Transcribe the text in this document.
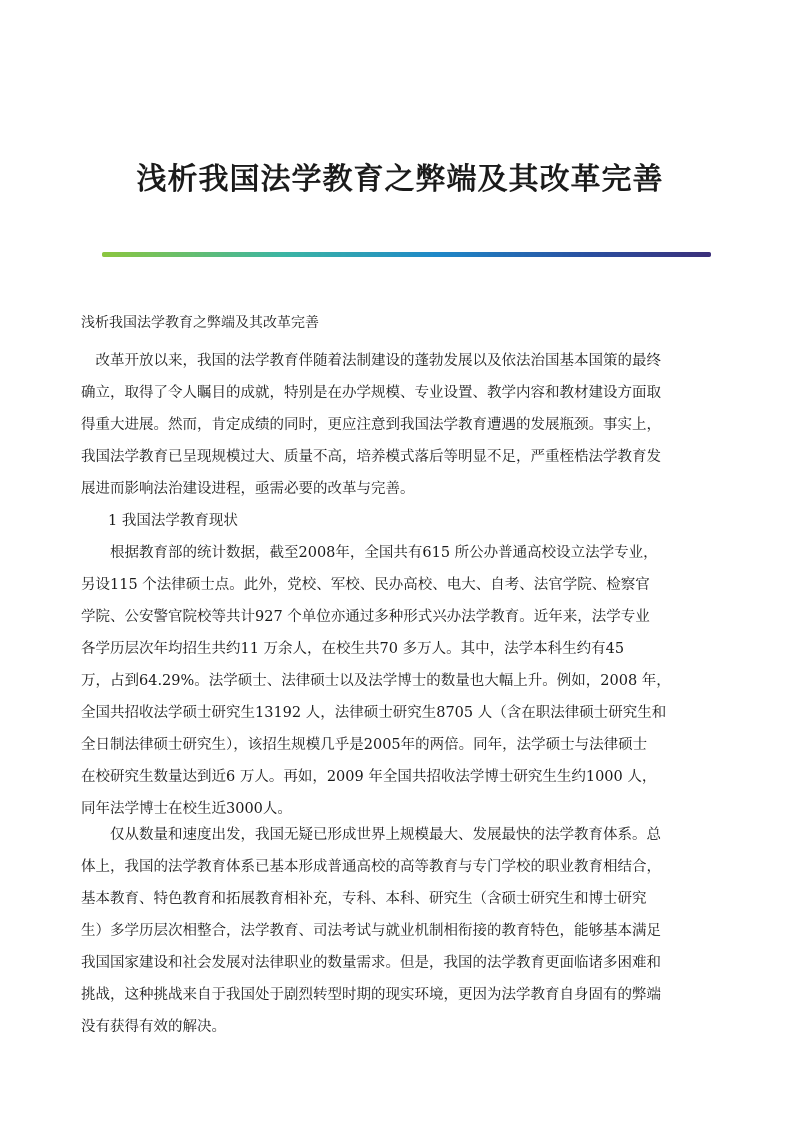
浅析我国法学教育之弊端及其改革完善

浅析我国法学教育之弊端及其改革完善

　改革开放以来，我国的法学教育伴随着法制建设的蓬勃发展以及依法治国基本国策的最终
确立，取得了令人瞩目的成就，特别是在办学规模、专业设置、教学内容和教材建设方面取
得重大进展。然而，肯定成绩的同时，更应注意到我国法学教育遭遇的发展瓶颈。事实上，
我国法学教育已呈现规模过大、质量不高，培养模式落后等明显不足，严重桎梏法学教育发
展进而影响法治建设进程，亟需必要的改革与完善。

1 我国法学教育现状

　　根据教育部的统计数据，截至2008年，全国共有615 所公办普通高校设立法学专业，
另设115 个法律硕士点。此外，党校、军校、民办高校、电大、自考、法官学院、检察官
学院、公安警官院校等共计927 个单位亦通过多种形式兴办法学教育。近年来，法学专业
各学历层次年均招生共约11 万余人，在校生共70 多万人。其中，法学本科生约有45
万，占到64.29%。法学硕士、法律硕士以及法学博士的数量也大幅上升。例如，2008 年，
全国共招收法学硕士研究生13192 人，法律硕士研究生8705 人（含在职法律硕士研究生和
全日制法律硕士研究生），该招生规模几乎是2005年的两倍。同年，法学硕士与法律硕士
在校研究生数量达到近6 万人。再如，2009 年全国共招收法学博士研究生生约1000 人，
同年法学博士在校生近3000人。

　　仅从数量和速度出发，我国无疑已形成世界上规模最大、发展最快的法学教育体系。总
体上，我国的法学教育体系已基本形成普通高校的高等教育与专门学校的职业教育相结合，
基本教育、特色教育和拓展教育相补充，专科、本科、研究生（含硕士研究生和博士研究
生）多学历层次相整合，法学教育、司法考试与就业机制相衔接的教育特色，能够基本满足
我国国家建设和社会发展对法律职业的数量需求。但是，我国的法学教育更面临诸多困难和
挑战，这种挑战来自于我国处于剧烈转型时期的现实环境，更因为法学教育自身固有的弊端
没有获得有效的解决。
